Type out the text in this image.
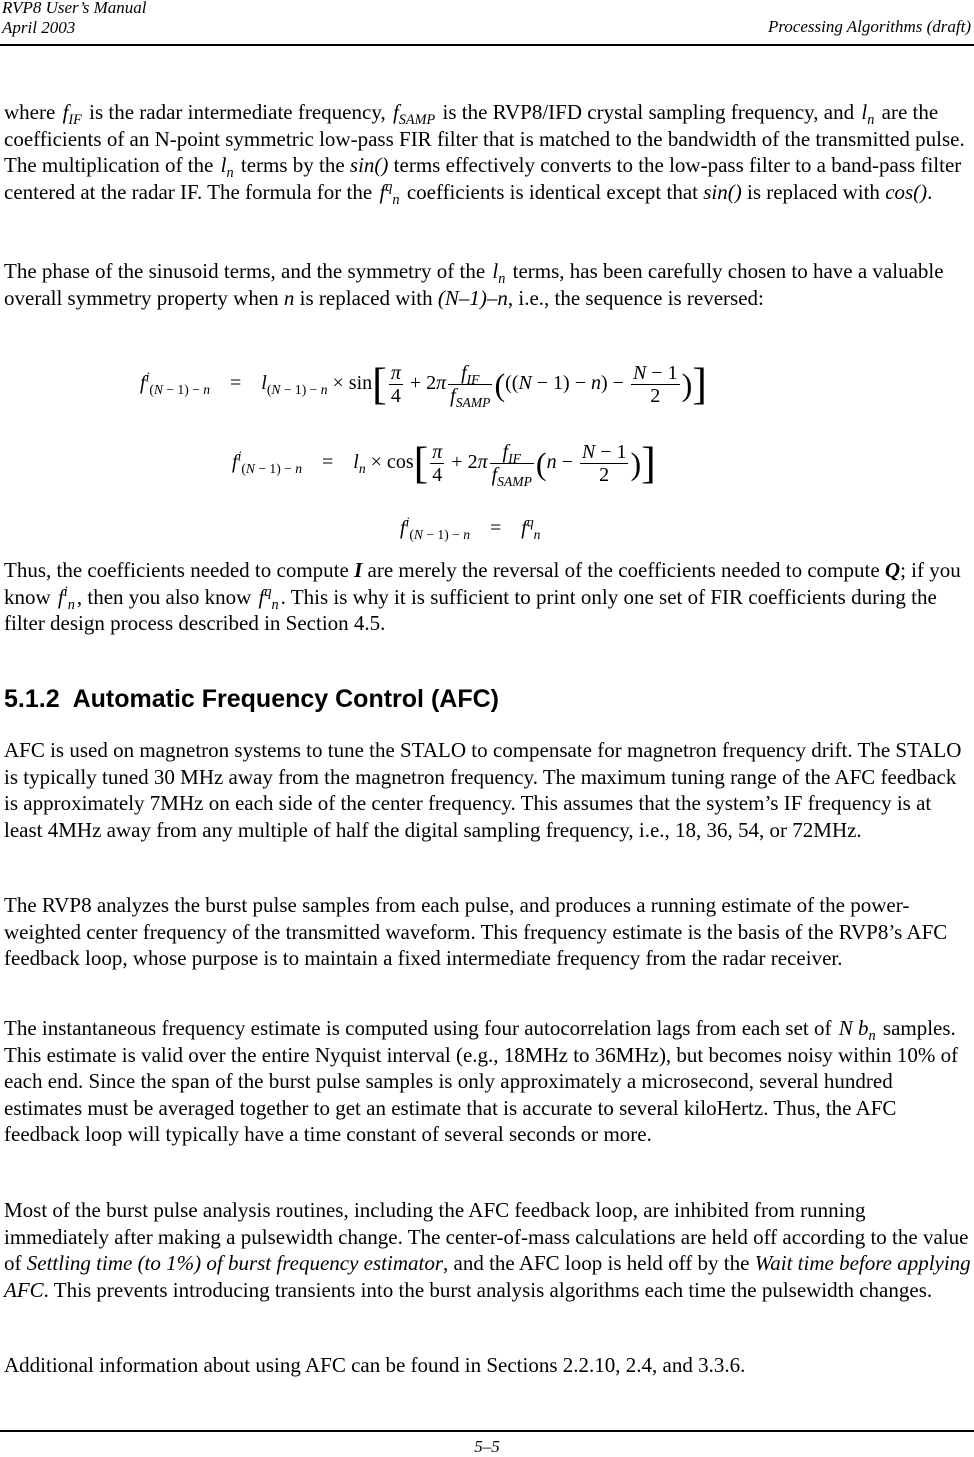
RVP8 User’s Manual
April 2003	Processing Algorithms (draft)
where $f_{IF}$ is the radar intermediate frequency, $f_{SAMP}$ is the RVP8/IFD crystal sampling frequency, and $l_n$ are the coefficients of an N-point symmetric low-pass FIR filter that is matched to the bandwidth of the transmitted pulse. The multiplication of the $l_n$ terms by the sin() terms effectively converts to the low-pass filter to a band-pass filter centered at the radar IF. The formula for the $f^q_n$ coefficients is identical except that sin() is replaced with cos().
The phase of the sinusoid terms, and the symmetry of the $l_n$ terms, has been carefully chosen to have a valuable overall symmetry property when n is replaced with (N–1)–n, i.e., the sequence is reversed:
$f^i_{(N - 1) - n}$    =    $l_{(N - 1) - n} \times \sin[ \frac{\pi}{4} + 2\pi \frac{f_{IF}}{f_{SAMP}} (((N - 1) - n) - \frac{N - 1}{2}$ )]
$f^i_{(N - 1) - n}$    =    $l_n \times \cos[ \frac{\pi}{4} + 2\pi \frac{f_{IF}}{f_{SAMP}} (n - \frac{N - 1}{2}$ )]
$f^i_{(N - 1) - n}$    =    $f^q_n$
Thus, the coefficients needed to compute I are merely the reversal of the coefficients needed to compute Q; if you know $f^i_n$, then you also know $f^q_n$. This is why it is sufficient to print only one set of FIR coefficients during the filter design process described in Section 4.5.
5.1.2 Automatic Frequency Control (AFC)
AFC is used on magnetron systems to tune the STALO to compensate for magnetron frequency drift. The STALO is typically tuned 30 MHz away from the magnetron frequency. The maximum tuning range of the AFC feedback is approximately 7MHz on each side of the center frequency. This assumes that the system’s IF frequency is at least 4MHz away from any multiple of half the digital sampling frequency, i.e., 18, 36, 54, or 72MHz.
The RVP8 analyzes the burst pulse samples from each pulse, and produces a running estimate of the power-weighted center frequency of the transmitted waveform. This frequency estimate is the basis of the RVP8’s AFC feedback loop, whose purpose is to maintain a fixed intermediate frequency from the radar receiver.
The instantaneous frequency estimate is computed using four autocorrelation lags from each set of N $b_n$ samples. This estimate is valid over the entire Nyquist interval (e.g., 18MHz to 36MHz), but becomes noisy within 10% of each end. Since the span of the burst pulse samples is only approximately a microsecond, several hundred estimates must be averaged together to get an estimate that is accurate to several kiloHertz. Thus, the AFC feedback loop will typically have a time constant of several seconds or more.
Most of the burst pulse analysis routines, including the AFC feedback loop, are inhibited from running immediately after making a pulsewidth change. The center-of-mass calculations are held off according to the value of Settling time (to 1%) of burst frequency estimator, and the AFC loop is held off by the Wait time before applying AFC. This prevents introducing transients into the burst analysis algorithms each time the pulsewidth changes.
Additional information about using AFC can be found in Sections 2.2.10, 2.4, and 3.3.6.
5–5
